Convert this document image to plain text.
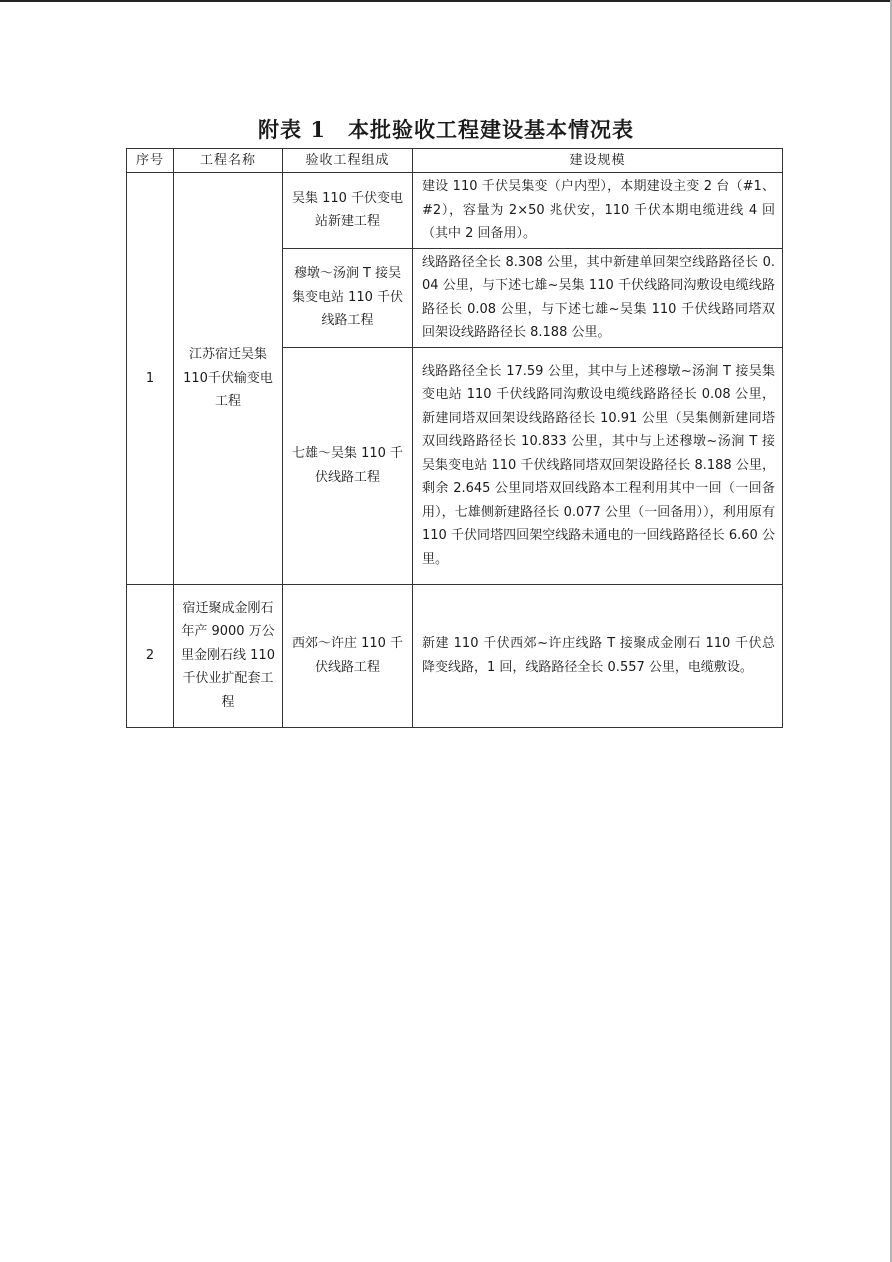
附表 1　本批验收工程建设基本情况表
序号	工程名称	验收工程组成	建设规模
1	江苏宿迁吴集110千伏输变电工程	吴集 110 千伏变电站新建工程	建设 110 千伏吴集变（户内型），本期建设主变 2 台（#1、#2），容量为 2×50 兆伏安，110 千伏本期电缆进线 4 回（其中 2 回备用）。
		穆墩～汤涧 T 接吴集变电站 110 千伏线路工程	线路路径全长 8.308 公里，其中新建单回架空线路路径长 0.04 公里，与下述七雄~吴集 110 千伏线路同沟敷设电缆线路路径长 0.08 公里，与下述七雄~吴集 110 千伏线路同塔双回架设线路路径长 8.188 公里。
		七雄～吴集 110 千伏线路工程	线路路径全长 17.59 公里，其中与上述穆墩~汤涧 T 接吴集变电站 110 千伏线路同沟敷设电缆线路路径长 0.08 公里，新建同塔双回架设线路路径长 10.91 公里（吴集侧新建同塔双回线路路径长 10.833 公里，其中与上述穆墩~汤涧 T 接吴集变电站 110 千伏线路同塔双回架设路径长 8.188 公里，剩余 2.645 公里同塔双回线路本工程利用其中一回（一回备用），七雄侧新建路径长 0.077 公里（一回备用）），利用原有 110 千伏同塔四回架空线路未通电的一回线路路径长 6.60 公里。
2	宿迁聚成金刚石年产 9000 万公里金刚石线 110 千伏业扩配套工程	西郊～许庄 110 千伏线路工程	新建 110 千伏西郊~许庄线路 T 接聚成金刚石 110 千伏总降变线路，1 回，线路路径全长 0.557 公里，电缆敷设。
